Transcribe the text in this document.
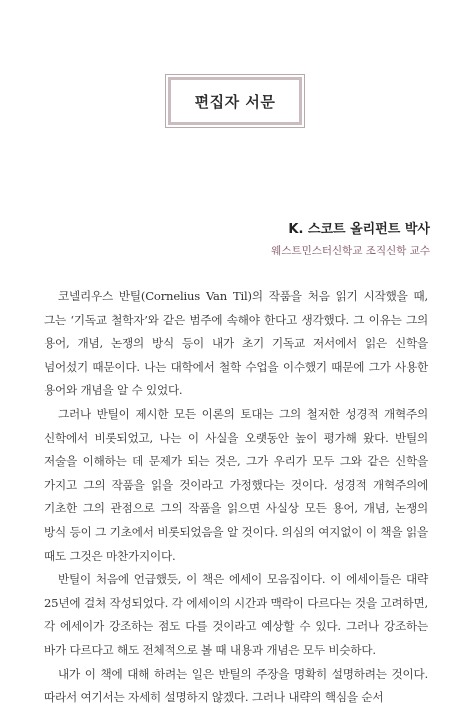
편집자 서문

K. 스코트 올리펀트 박사

웨스트민스터신학교 조직신학 교수

코넬리우스 반틸(Cornelius Van Til)의 작품을 처음 읽기 시작했을 때, 그는 ‘기독교 철학자’와 같은 범주에 속해야 한다고 생각했다. 그 이유는 그의 용어, 개념, 논쟁의 방식 등이 내가 초기 기독교 저서에서 읽은 신학을 넘어섰기 때문이다. 나는 대학에서 철학 수업을 이수했기 때문에 그가 사용한 용어와 개념을 알 수 있었다.

그러나 반틸이 제시한 모든 이론의 토대는 그의 철저한 성경적 개혁주의 신학에서 비롯되었고, 나는 이 사실을 오랫동안 높이 평가해 왔다. 반틸의 저술을 이해하는 데 문제가 되는 것은, 그가 우리가 모두 그와 같은 신학을 가지고 그의 작품을 읽을 것이라고 가정했다는 것이다. 성경적 개혁주의에 기초한 그의 관점으로 그의 작품을 읽으면 사실상 모든 용어, 개념, 논쟁의 방식 등이 그 기초에서 비롯되었음을 알 것이다. 의심의 여지없이 이 책을 읽을 때도 그것은 마찬가지이다.

반틸이 처음에 언급했듯, 이 책은 에세이 모음집이다. 이 에세이들은 대략 25년에 걸쳐 작성되었다. 각 에세이의 시간과 맥락이 다르다는 것을 고려하면, 각 에세이가 강조하는 점도 다를 것이라고 예상할 수 있다. 그러나 강조하는 바가 다르다고 해도 전체적으로 볼 때 내용과 개념은 모두 비슷하다.

내가 이 책에 대해 하려는 일은 반틸의 주장을 명확히 설명하려는 것이다. 따라서 여기서는 자세히 설명하지 않겠다. 그러나 내략의 핵심을 순서
